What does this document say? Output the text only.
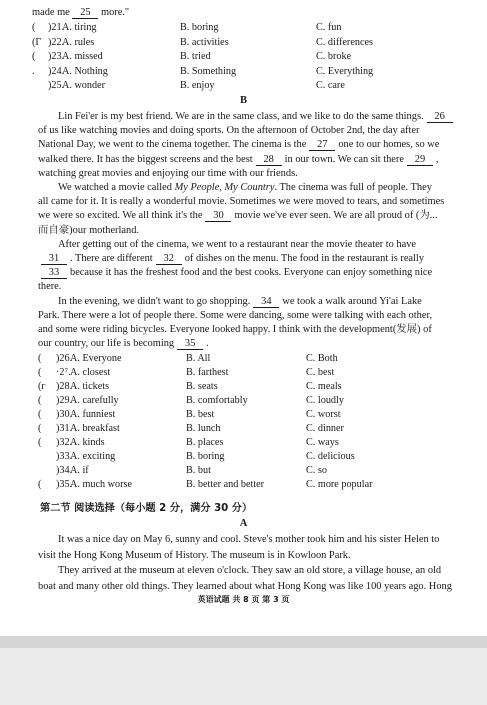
made me 25 more."
( )21.
A. tiring	B. boring	C. fun
(Γ )22.
A. rules	B. activities	C. differences
( )23.
A. missed	B. tried	C. broke
. )24.
A. Nothing	B. Something	C. Everything
)25.
A. wonder	B. enjoy	C. care
B
Lin Fei'er is my best friend. We are in the same class, and we like to do the same things. 26
of us like watching movies and doing sports. On the afternoon of October 2nd, the day after
National Day, we went to the cinema together. The cinema is the 27 one to our homes, so we
walked there. It has the biggest screens and the best 28 in our town. We can sit there 29 ,
watching great movies and enjoying our time with our friends.
We watched a movie called My People, My Country. The cinema was full of people. They
all came for it. It is really a wonderful movie. Sometimes we were moved to tears, and sometimes
we were so excited. We all think it's the 30 movie we've ever seen. We are all proud of (为...
而自豪)our motherland.
After getting out of the cinema, we went to a restaurant near the movie theater to have
31 . There are different 32 of dishes on the menu. The food in the restaurant is really
33 because it has the freshest food and the best cooks. Everyone can enjoy something nice
there.
In the evening, we didn't want to go shopping. 34 we took a walk around Yi'ai Lake
Park. There were a lot of people there. Some were dancing, some were talking with each other,
and some were riding bicycles. Everyone looked happy. I think with the development(发展) of
our country, our life is becoming 35 .
( )26.
A. Everyone	B. All	C. Both
( ·2⁷. A. closest	B. farthest	C. best
(ᴦ )28.
A. tickets	B. seats	C. meals
( )29.
A. carefully	B. comfortably	C. loudly
( )30.
A. funniest	B. best	C. worst
( )31.
A. breakfast	B. lunch	C. dinner
( )32.
A. kinds	B. places	C. ways
)33.
A. exciting	B. boring	C. delicious
)34.
A. if	B. but	C. so
( )35.
A. much worse	B. better and better	C. more popular
第二节 阅读选择（每小题 2 分，满分 30 分）
A
It was a nice day on May 6, sunny and cool. Steve's mother took him and his sister Helen to
visit the Hong Kong Museum of History. The museum is in Kowloon Park.
They arrived at the museum at eleven o'clock. They saw an old store, a village house, an old
boat and many other old things. They learned about what Hong Kong was like 100 years ago. Hong
英语试题 共 8 页 第 3 页
